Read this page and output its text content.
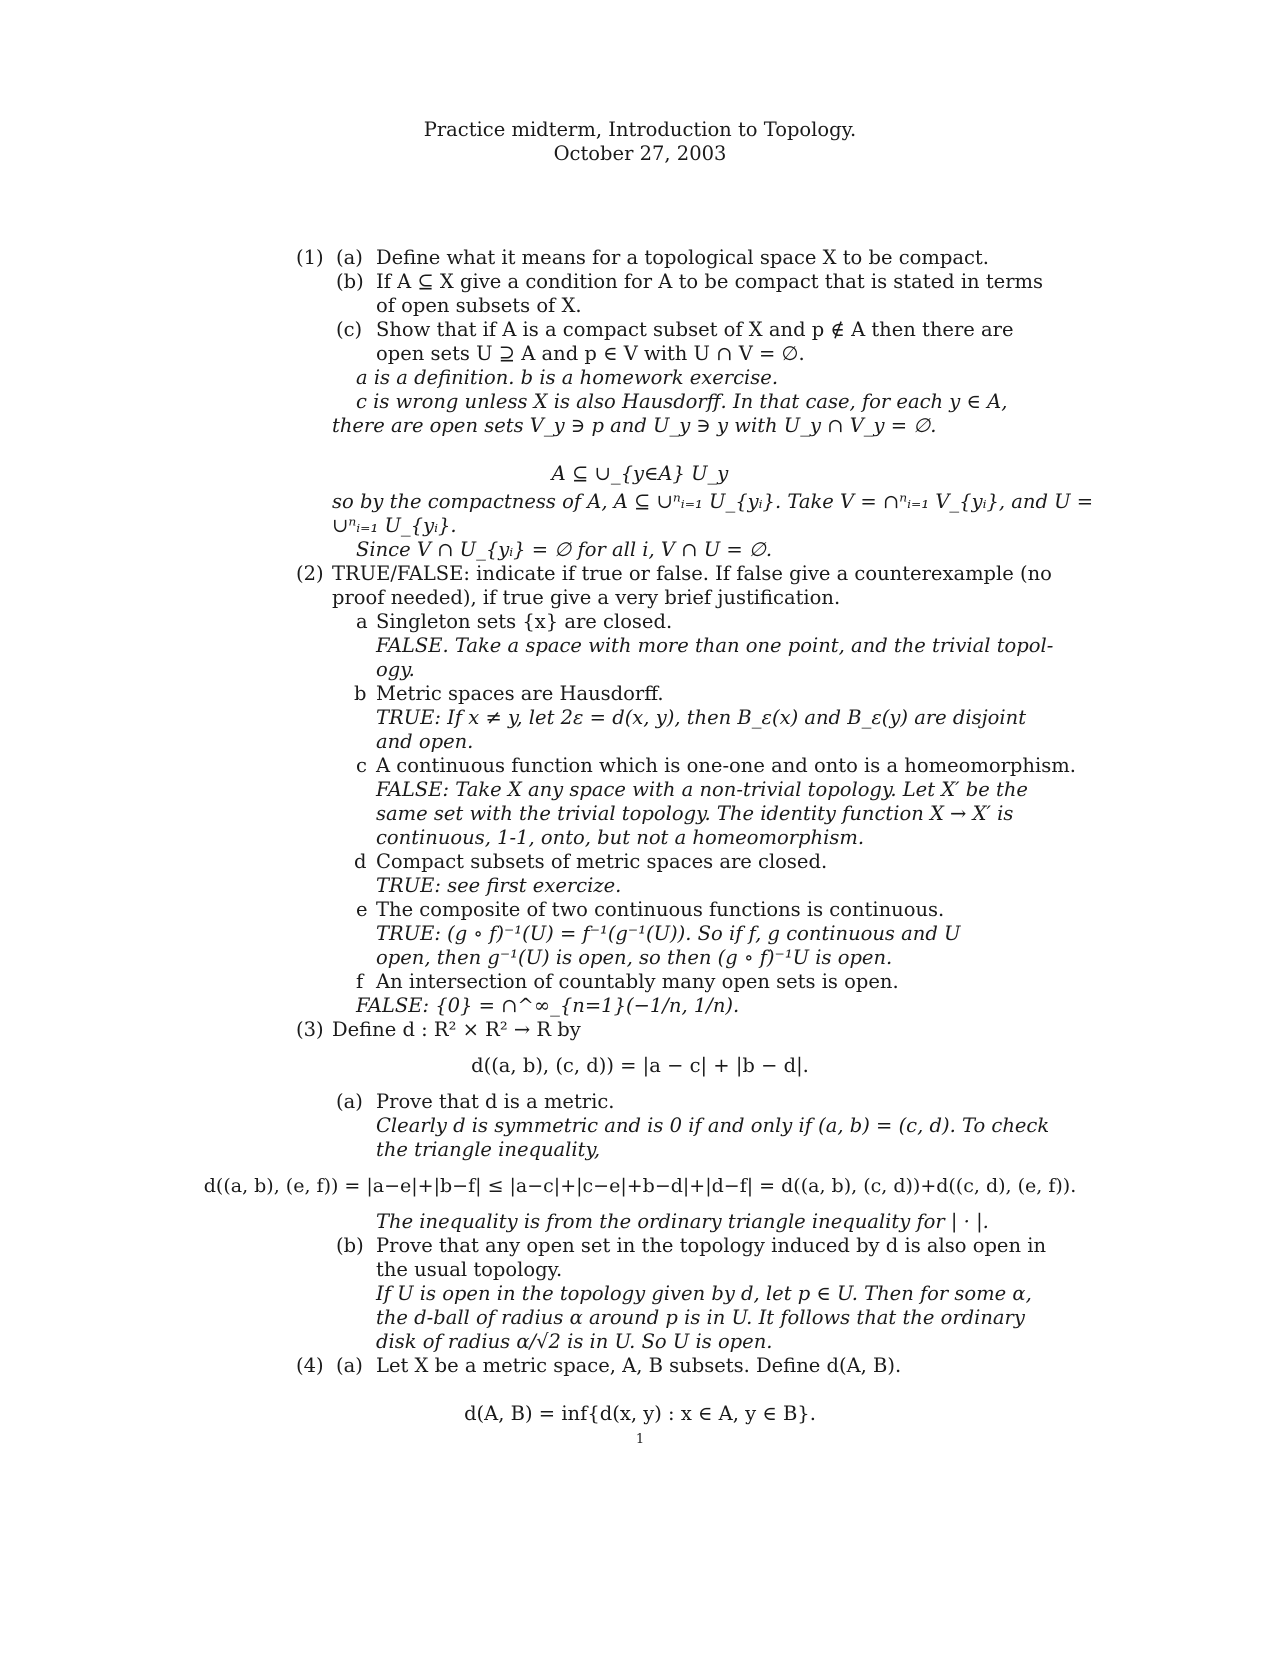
Practice midterm, Introduction to Topology.
October 27, 2003
(1) (a) Define what it means for a topological space X to be compact.
(b) If A ⊆ X give a condition for A to be compact that is stated in terms
of open subsets of X.
(c) Show that if A is a compact subset of X and p ∉ A then there are
open sets U ⊇ A and p ∈ V with U ∩ V = ∅.
a is a definition. b is a homework exercise.
c is wrong unless X is also Hausdorff. In that case, for each y ∈ A,
there are open sets V_y ∋ p and U_y ∋ y with U_y ∩ V_y = ∅.
A ⊆ ∪_{y∈A} U_y
so by the compactness of A, A ⊆ ∪ⁿᵢ₌₁ U_{yᵢ}. Take V = ∩ⁿᵢ₌₁ V_{yᵢ}, and U =
∪ⁿᵢ₌₁ U_{yᵢ}.
Since V ∩ U_{yᵢ} = ∅ for all i, V ∩ U = ∅.
(2) TRUE/FALSE: indicate if true or false. If false give a counterexample (no
proof needed), if true give a very brief justification.
a Singleton sets {x} are closed.
FALSE. Take a space with more than one point, and the trivial topol-
ogy.
b Metric spaces are Hausdorff.
TRUE: If x ≠ y, let 2ε = d(x, y), then B_ε(x) and B_ε(y) are disjoint
and open.
c A continuous function which is one-one and onto is a homeomorphism.
FALSE: Take X any space with a non-trivial topology. Let X′ be the
same set with the trivial topology. The identity function X → X′ is
continuous, 1-1, onto, but not a homeomorphism.
d Compact subsets of metric spaces are closed.
TRUE: see first exercize.
e The composite of two continuous functions is continuous.
TRUE: (g ∘ f)⁻¹(U) = f⁻¹(g⁻¹(U)). So if f, g continuous and U
open, then g⁻¹(U) is open, so then (g ∘ f)⁻¹U is open.
f An intersection of countably many open sets is open.
FALSE: {0} = ∩^∞_{n=1}(−1/n, 1/n).
(3) Define d : R² × R² → R by
d((a, b), (c, d)) = |a − c| + |b − d|.
(a) Prove that d is a metric.
Clearly d is symmetric and is 0 if and only if (a, b) = (c, d). To check
the triangle inequality,
d((a, b), (e, f)) = |a−e|+|b−f| ≤ |a−c|+|c−e|+b−d|+|d−f| = d((a, b), (c, d))+d((c, d), (e, f)).
The inequality is from the ordinary triangle inequality for | · |.
(b) Prove that any open set in the topology induced by d is also open in
the usual topology.
If U is open in the topology given by d, let p ∈ U. Then for some α,
the d-ball of radius α around p is in U. It follows that the ordinary
disk of radius α/√2 is in U. So U is open.
(4) (a) Let X be a metric space, A, B subsets. Define d(A, B).
d(A, B) = inf{d(x, y) : x ∈ A, y ∈ B}.
1
